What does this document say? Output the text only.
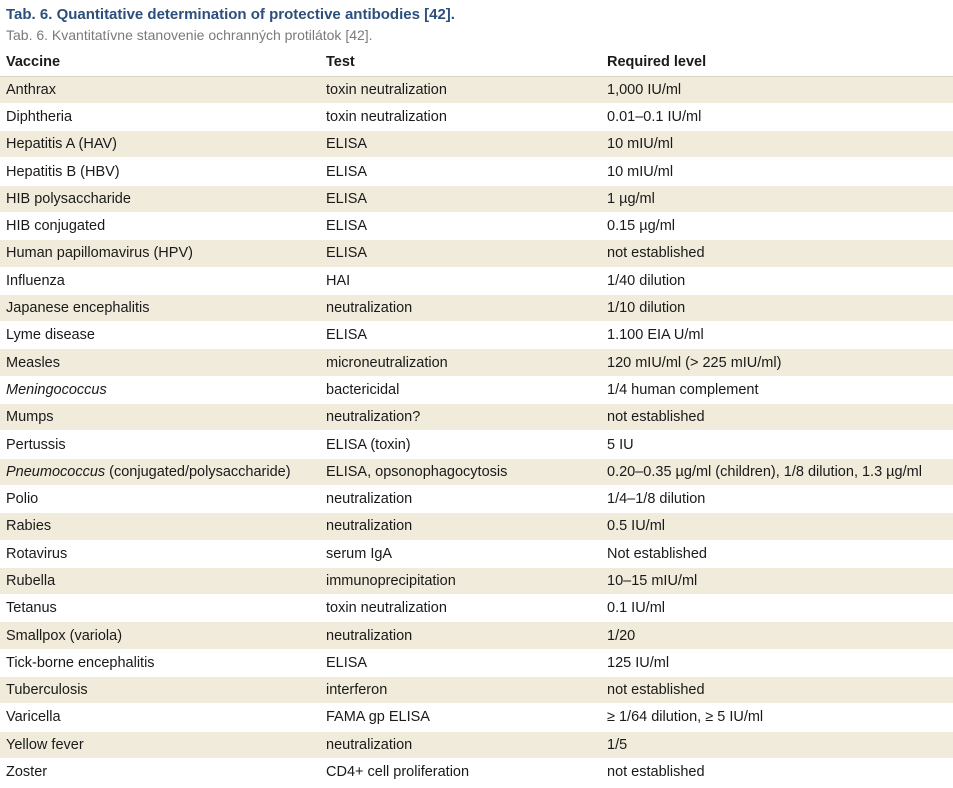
Tab. 6. Quantitative determination of protective antibodies [42].
Tab. 6. Kvantitatívne stanovenie ochranných protilátok [42].
Vaccine	Test	Required level
Anthrax	toxin neutralization	1,000 IU/ml
Diphtheria	toxin neutralization	0.01–0.1 IU/ml
Hepatitis A (HAV)	ELISA	10 mIU/ml
Hepatitis B (HBV)	ELISA	10 mIU/ml
HIB polysaccharide	ELISA	1 µg/ml
HIB conjugated	ELISA	0.15 µg/ml
Human papillomavirus (HPV)	ELISA	not established
Influenza	HAI	1/40 dilution
Japanese encephalitis	neutralization	1/10 dilution
Lyme disease	ELISA	1.100 EIA U/ml
Measles	microneutralization	120 mIU/ml (> 225 mIU/ml)
Meningococcus	bactericidal	1/4 human complement
Mumps	neutralization?	not established
Pertussis	ELISA (toxin)	5 IU
Pneumococcus (conjugated/polysaccharide)	ELISA, opsonophagocytosis	0.20–0.35 µg/ml (children), 1/8 dilution, 1.3 µg/ml
Polio	neutralization	1/4–1/8 dilution
Rabies	neutralization	0.5 IU/ml
Rotavirus	serum IgA	Not established
Rubella	immunoprecipitation	10–15 mIU/ml
Tetanus	toxin neutralization	0.1 IU/ml
Smallpox (variola)	neutralization	1/20
Tick-borne encephalitis	ELISA	125 IU/ml
Tuberculosis	interferon	not established
Varicella	FAMA gp ELISA	≥ 1/64 dilution, ≥ 5 IU/ml
Yellow fever	neutralization	1/5
Zoster	CD4+ cell proliferation	not established
